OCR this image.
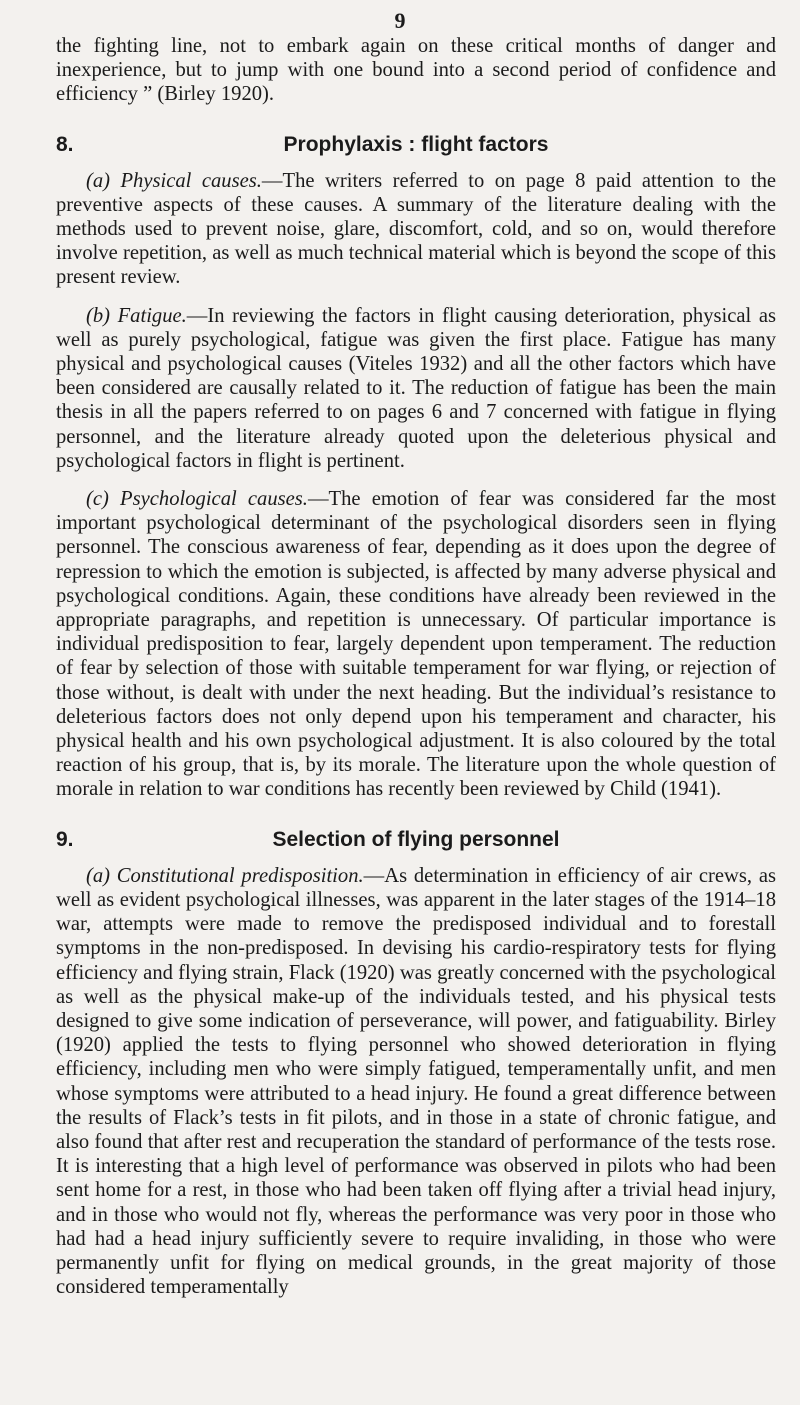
9

the fighting line, not to embark again on these critical months of danger and inexperience, but to jump with one bound into a second period of confidence and efficiency ” (Birley 1920).

8.	Prophylaxis : flight factors

(a) Physical causes.—The writers referred to on page 8 paid attention to the preventive aspects of these causes. A summary of the literature dealing with the methods used to prevent noise, glare, discomfort, cold, and so on, would therefore involve repetition, as well as much technical material which is beyond the scope of this present review.

(b) Fatigue.—In reviewing the factors in flight causing deterioration, physical as well as purely psychological, fatigue was given the first place. Fatigue has many physical and psychological causes (Viteles 1932) and all the other factors which have been considered are causally related to it. The reduction of fatigue has been the main thesis in all the papers referred to on pages 6 and 7 concerned with fatigue in flying personnel, and the literature already quoted upon the deleterious physical and psychological factors in flight is pertinent.

(c) Psychological causes.—The emotion of fear was considered far the most important psychological determinant of the psychological disorders seen in flying personnel. The conscious awareness of fear, depending as it does upon the degree of repression to which the emotion is subjected, is affected by many adverse physical and psychological conditions. Again, these conditions have already been reviewed in the appropriate paragraphs, and repetition is unnecessary. Of particular importance is individual predisposition to fear, largely dependent upon temperament. The reduction of fear by selection of those with suitable temperament for war flying, or rejection of those without, is dealt with under the next heading. But the individual’s resistance to deleterious factors does not only depend upon his temperament and character, his physical health and his own psychological adjustment. It is also coloured by the total reaction of his group, that is, by its morale. The literature upon the whole question of morale in relation to war conditions has recently been reviewed by Child (1941).

9.	Selection of flying personnel

(a) Constitutional predisposition.—As determination in efficiency of air crews, as well as evident psychological illnesses, was apparent in the later stages of the 1914–18 war, attempts were made to remove the predisposed individual and to forestall symptoms in the non-predisposed. In devising his cardio-respiratory tests for flying efficiency and flying strain, Flack (1920) was greatly concerned with the psychological as well as the physical make-up of the individuals tested, and his physical tests designed to give some indication of perseverance, will power, and fatiguability. Birley (1920) applied the tests to flying personnel who showed deterioration in flying efficiency, including men who were simply fatigued, temperamentally unfit, and men whose symptoms were attributed to a head injury. He found a great difference between the results of Flack’s tests in fit pilots, and in those in a state of chronic fatigue, and also found that after rest and recuperation the standard of performance of the tests rose. It is interesting that a high level of performance was observed in pilots who had been sent home for a rest, in those who had been taken off flying after a trivial head injury, and in those who would not fly, whereas the performance was very poor in those who had had a head injury sufficiently severe to require invaliding, in those who were permanently unfit for flying on medical grounds, in the great majority of those considered temperamentally
